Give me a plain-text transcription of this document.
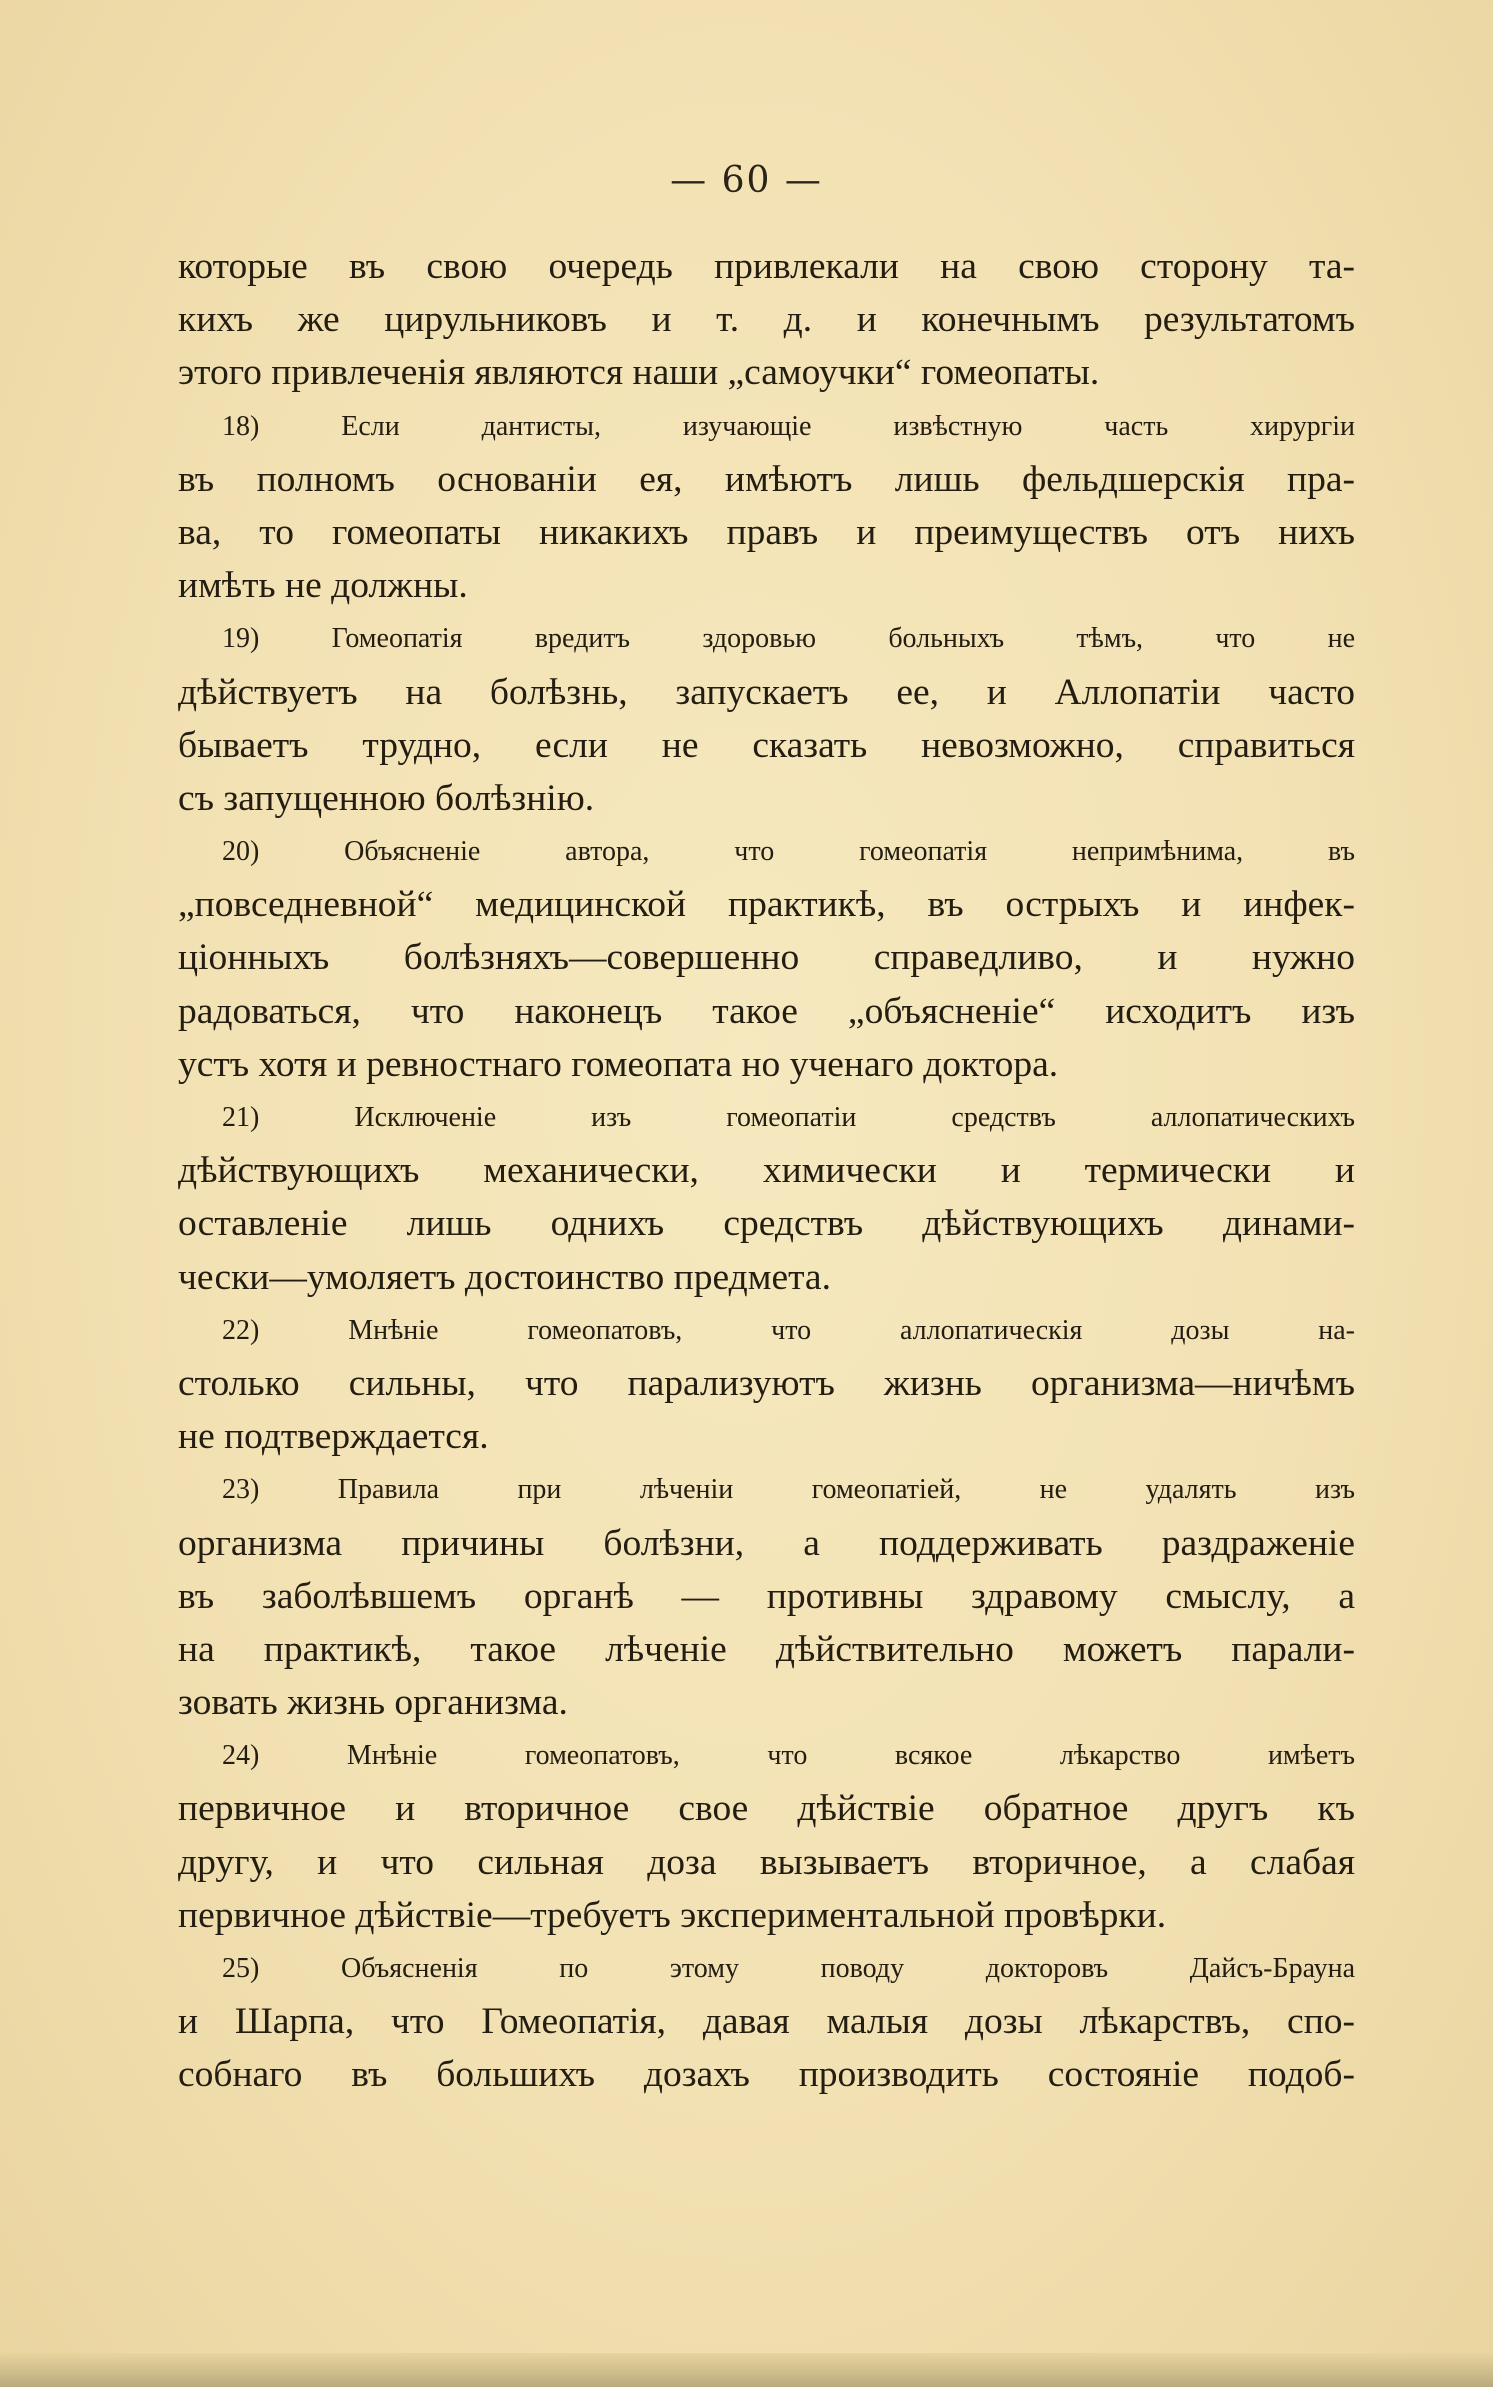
— 60 —
которые въ свою очередь привлекали на свою сторону та-
кихъ же цирульниковъ и т. д. и конечнымъ результатомъ
этого привлеченія являются наши „самоучки“ гомеопаты.
18) Если дантисты, изучающіе извѣстную часть хирургіи
въ полномъ основаніи ея, имѣютъ лишь фельдшерскія пра-
ва, то гомеопаты никакихъ правъ и преимуществъ отъ нихъ
имѣть не должны.
19) Гомеопатія вредитъ здоровью больныхъ тѣмъ, что не
дѣйствуетъ на болѣзнь, запускаетъ ее, и Аллопатіи часто
бываетъ трудно, если не сказать невозможно, справиться
съ запущенною болѣзнію.
20) Объясненіе автора, что гомеопатія непримѣнима, въ
„повседневной“ медицинской практикѣ, въ острыхъ и инфек-
ціонныхъ болѣзняхъ—совершенно справедливо, и нужно
радоваться, что наконецъ такое „объясненіе“ исходитъ изъ
устъ хотя и ревностнаго гомеопата но ученаго доктора.
21) Исключеніе изъ гомеопатіи средствъ аллопатическихъ
дѣйствующихъ механически, химически и термически и
оставленіе лишь однихъ средствъ дѣйствующихъ динами-
чески—умоляетъ достоинство предмета.
22) Мнѣніе гомеопатовъ, что аллопатическія дозы на-
столько сильны, что парализуютъ жизнь организма—ничѣмъ
не подтверждается.
23) Правила при лѣченіи гомеопатіей, не удалять изъ
организма причины болѣзни, а поддерживать раздраженіе
въ заболѣвшемъ органѣ — противны здравому смыслу, а
на практикѣ, такое лѣченіе дѣйствительно можетъ парали-
зовать жизнь организма.
24) Мнѣніе гомеопатовъ, что всякое лѣкарство имѣетъ
первичное и вторичное свое дѣйствіе обратное другъ къ
другу, и что сильная доза вызываетъ вторичное, а слабая
первичное дѣйствіе—требуетъ экспериментальной провѣрки.
25) Объясненія по этому поводу докторовъ Дайсъ-Брауна
и Шарпа, что Гомеопатія, давая малыя дозы лѣкарствъ, спо-
собнаго въ большихъ дозахъ производить состояніе подоб-
